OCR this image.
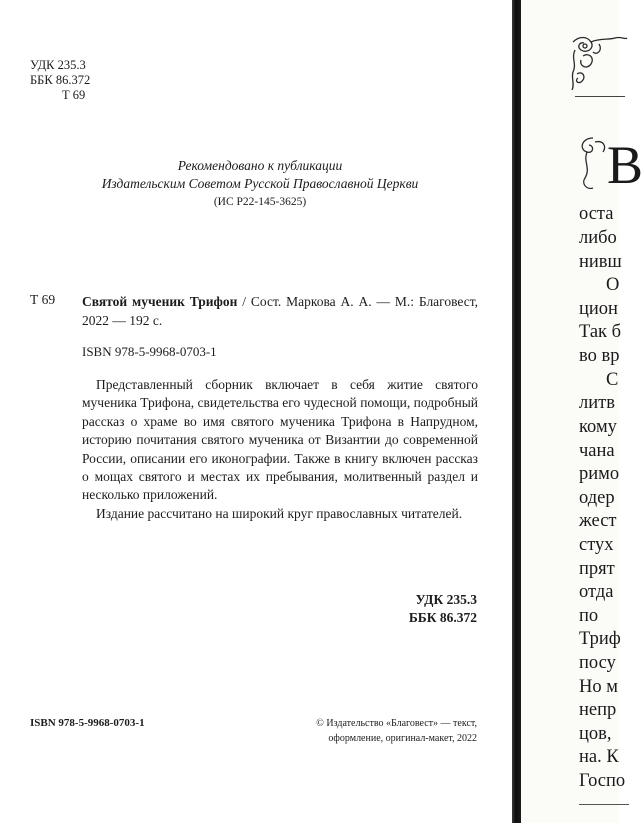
УДК 235.3
ББК 86.372
Т 69
Рекомендовано к публикации
Издательским Советом Русской Православной Церкви
(ИС Р22-145-3625)
Т 69 Святой мученик Трифон / Сост. Маркова А. А. — М.: Благовест, 2022 — 192 с.
ISBN 978-5-9968-0703-1

Представленный сборник включает в себя житие святого мученика Трифона, свидетельства его чудесной помощи, подробный рассказ о храме во имя святого мученика Трифона в Напрудном, историю почитания святого мученика от Византии до современной России, описании его иконографии. Также в книгу включен рассказ о мощах святого и местах их пребывания, молитвенный раздел и несколько приложений.

Издание рассчитано на широкий круг православных читателей.

УДК 235.3
ББК 86.372
ISBN 978-5-9968-0703-1	© Издательство «Благовест» — текст,
оформление, оригинал-макет, 2022
В
оста
либо
нивш
О
цион
Так б
во вр
С
литв
кому
чана
римо
одер
жест
стух
прят
отда
по
Триф
посу
Но м
непр
цов,
на. К
Госпо
